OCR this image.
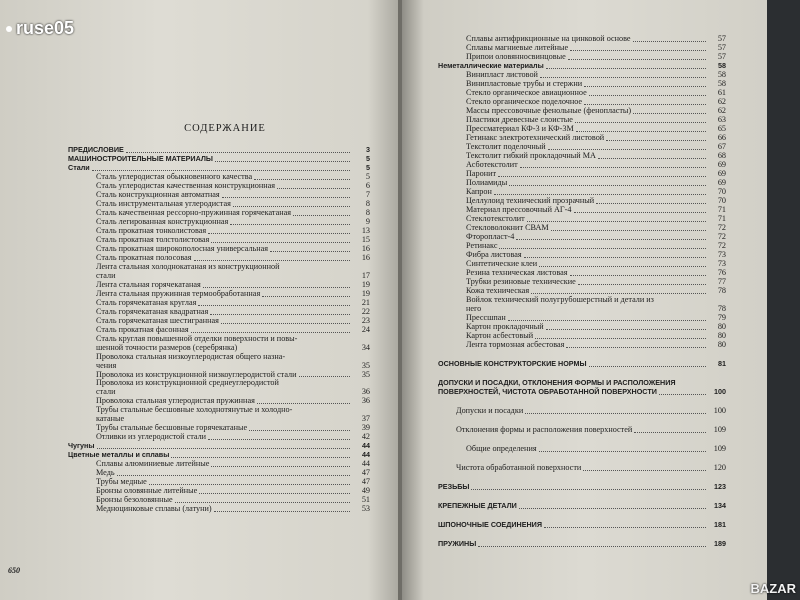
ruse05
BAZAR
СОДЕРЖАНИЕ
ПРЕДИСЛОВИЕ	3
МАШИНОСТРОИТЕЛЬНЫЕ МАТЕРИАЛЫ	5
Стали	5
Сталь углеродистая обыкновенного качества	5
Сталь углеродистая качественная конструкционная	6
Сталь конструкционная автоматная	7
Сталь инструментальная углеродистая	8
Сталь качественная рессорно-пружинная горячекатаная	8
Сталь легированная конструкционная	9
Сталь прокатная тонколистовая	13
Сталь прокатная толстолистовая	15
Сталь прокатная широкополосная универсальная	16
Сталь прокатная полосовая	16
Лента стальная холоднокатаная из конструкционной
стали	17
Лента стальная горячекатаная	19
Лента стальная пружинная термообработанная	19
Сталь горячекатаная круглая	21
Сталь горячекатаная квадратная	22
Сталь горячекатаная шестигранная	23
Сталь прокатная фасонная	24
Сталь круглая повышенной отделки поверхности и повы-
шенной точности размеров (серебрянка)	34
Проволока стальная низкоуглеродистая общего назна-
чения	35
Проволока из конструкционной низкоуглеродистой стали	35
Проволока из конструкционной среднеуглеродистой
стали	36
Проволока стальная углеродистая пружинная	36
Трубы стальные бесшовные холоднотянутые и холодно-
катаные	37
Трубы стальные бесшовные горячекатаные	39
Отливки из углеродистой стали	42
Чугуны	44
Цветные металлы и сплавы	44
Сплавы алюминиевые литейные	44
Медь	47
Трубы медные	47
Бронзы оловянные литейные	49
Бронзы безоловянные	51
Медноцинковые сплавы (латуни)	53
Сплавы антифрикционные на цинковой основе	57
Сплавы магниевые литейные	57
Припои оловянносвинцовые	57
Неметаллические материалы	58
Винипласт листовой	58
Винипластовые трубы и стержни	58
Стекло органическое авиационное	61
Стекло органическое поделочное	62
Массы прессовочные фенольные (фенопласты)	62
Пластики древесные слоистые	63
Прессматериал КФ-3 и КФ-3М	65
Гетинакс электротехнический листовой	66
Текстолит поделочный	67
Текстолит гибкий прокладочный МА	68
Асботекстолит	69
Паронит	69
Полиамиды	69
Капрон	70
Целлулоид технический прозрачный	70
Материал прессовочный АГ-4	71
Стеклотекстолит	71
Стекловолокнит СВАМ	72
Фторопласт-4	72
Ретинакс	72
Фибра листовая	73
Синтетические клеи	73
Резина техническая листовая	76
Трубки резиновые технические	77
Кожа техническая	78
Войлок технический полугрубошерстный и детали из
него	78
Прессшпан	79
Картон прокладочный	80
Картон асбестовый	80
Лента тормозная асбестовая	80
ОСНОВНЫЕ КОНСТРУКТОРСКИЕ НОРМЫ	81
ДОПУСКИ И ПОСАДКИ, ОТКЛОНЕНИЯ ФОРМЫ И РАСПОЛОЖЕНИЯ
ПОВЕРХНОСТЕЙ, ЧИСТОТА ОБРАБОТАННОЙ ПОВЕРХНОСТИ	100
Допуски и посадки	100
Отклонения формы и расположения поверхностей	109
Общие определения	109
Чистота обработанной поверхности	120
РЕЗЬБЫ	123
КРЕПЕЖНЫЕ ДЕТАЛИ	134
ШПОНОЧНЫЕ СОЕДИНЕНИЯ	181
ПРУЖИНЫ	189
650
